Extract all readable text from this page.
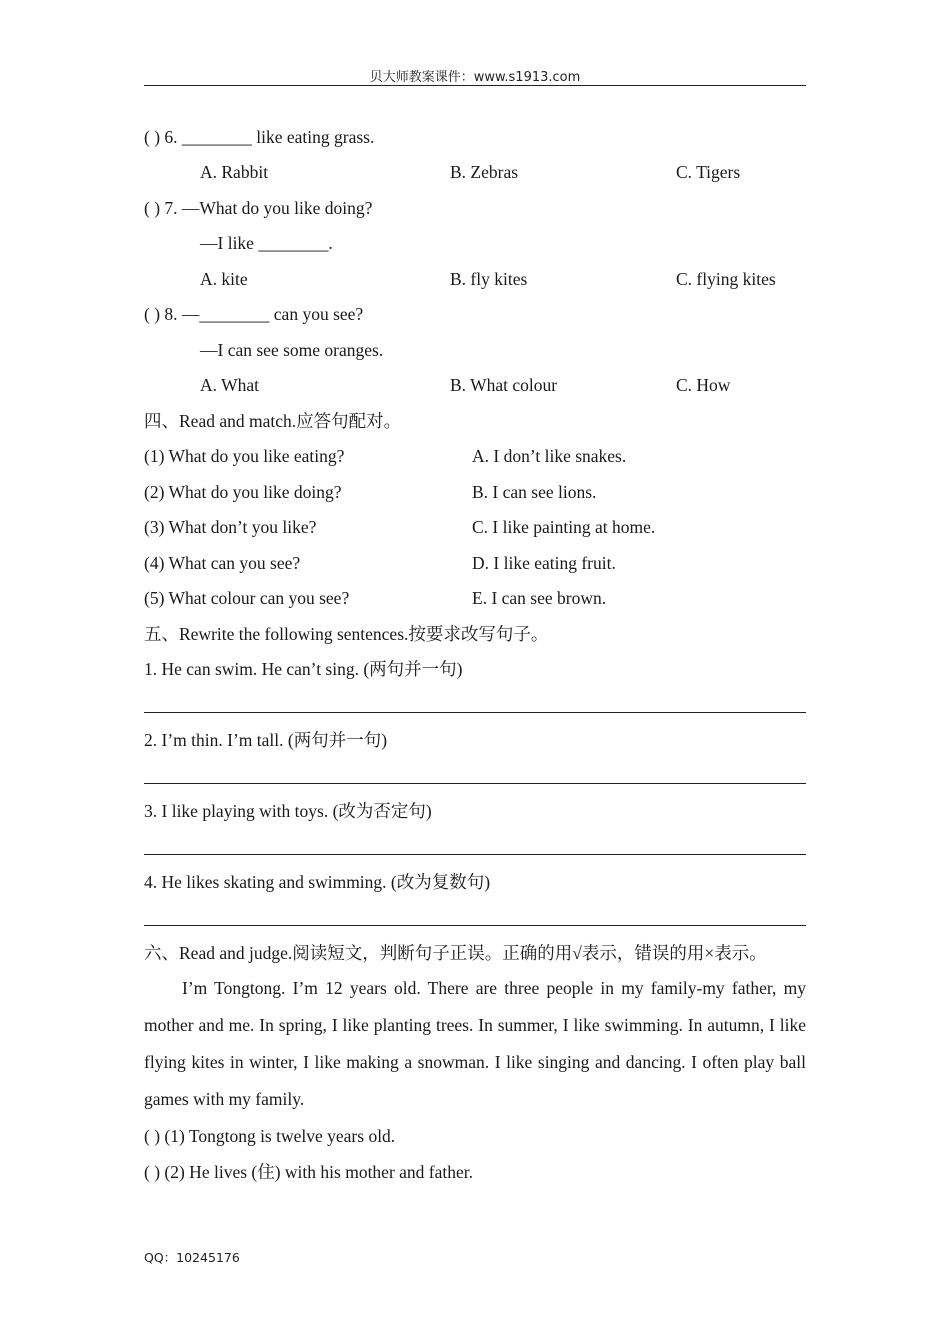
贝大师教案课件：www.s1913.com
( ) 6. ________ like eating grass.
A. Rabbit	B. Zebras	C. Tigers
( ) 7. —What do you like doing?
—I like ________.
A. kite	B. fly kites	C. flying kites
( ) 8. —________ can you see?
—I can see some oranges.
A. What	B. What colour	C. How
四、Read and match.应答句配对。
(1) What do you like eating?	A. I don’t like snakes.
(2) What do you like doing?	B. I can see lions.
(3) What don’t you like?	C. I like painting at home.
(4) What can you see?	D. I like eating fruit.
(5) What colour can you see?	E. I can see brown.
五、Rewrite the following sentences.按要求改写句子。
1. He can swim. He can’t sing. (两句并一句)
2. I’m thin. I’m tall. (两句并一句)
3. I like playing with toys. (改为否定句)
4. He likes skating and swimming. (改为复数句)
六、Read and judge.阅读短文，判断句子正误。正确的用√表示，错误的用×表示。
I’m Tongtong. I’m 12 years old. There are three people in my family-my father, my mother and me. In spring, I like planting trees. In summer, I like swimming. In autumn, I like flying kites in winter, I like making a snowman. I like singing and dancing. I often play ball games with my family.
( ) (1) Tongtong is twelve years old.
( ) (2) He lives (住) with his mother and father.
QQ：10245176
